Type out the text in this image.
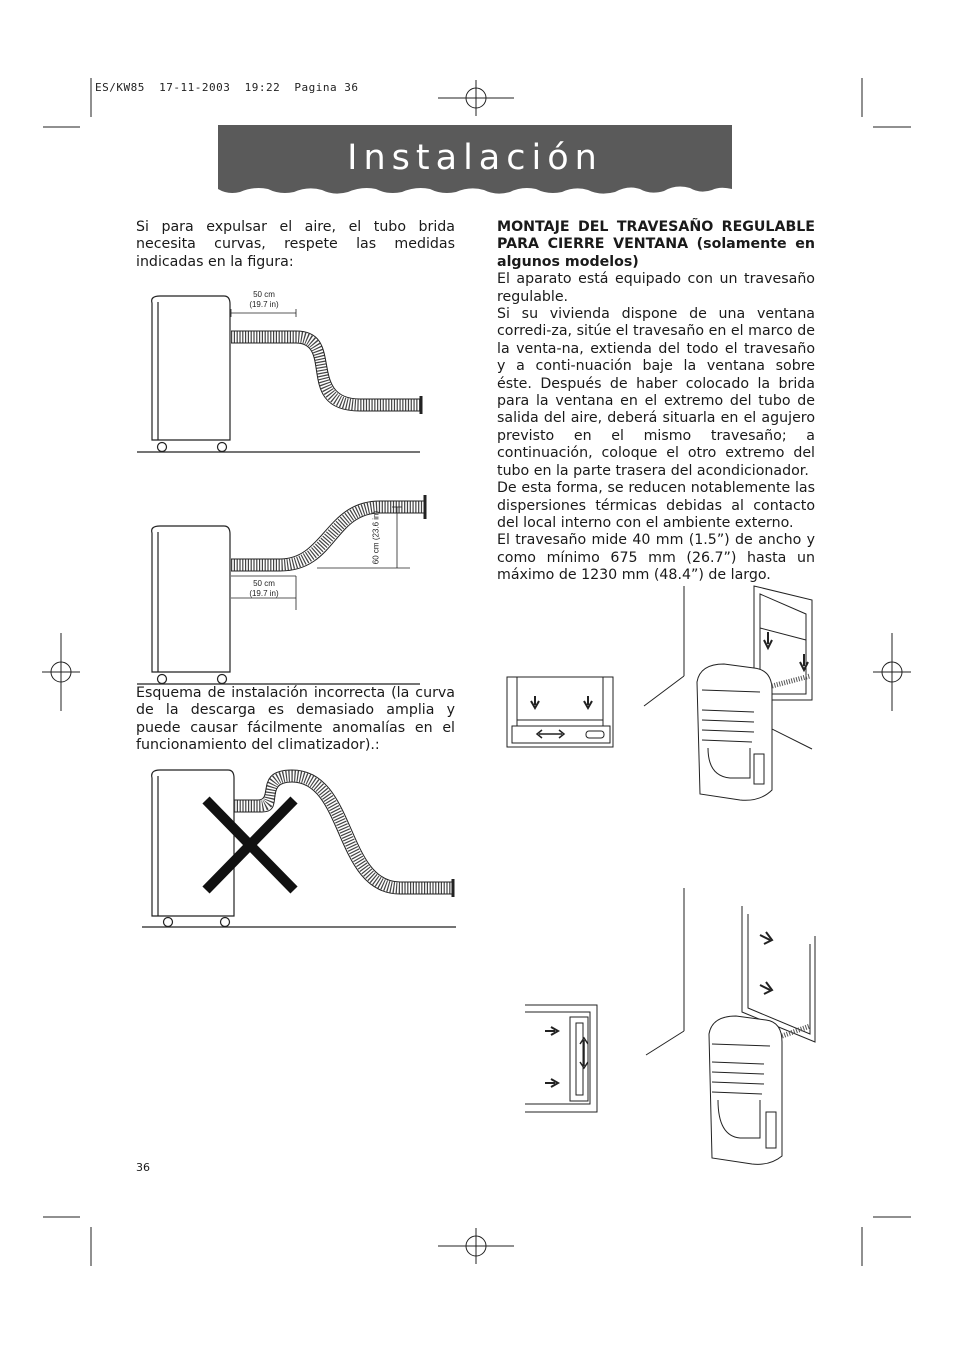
ES/KW85  17-11-2003  19:22  Pagina 36
Instalación
Si para expulsar el aire, el tubo brida necesita curvas, respete las medidas indicadas en la figura:
50 cm
(19.7 in)
50 cm
(19.7 in)
60 cm (23.6 in)
Esquema de instalación incorrecta (la curva de la descarga es demasiado amplia y puede causar fácilmente anomalías en el funcionamiento del climatizador).:

MONTAJE DEL TRAVESAÑO REGULABLE PARA CIERRE VENTANA (solamente en algunos modelos)

El aparato está equipado con un travesaño regulable.

Si su vivienda dispone de una ventana corredi-za, sitúe el travesaño en el marco de la venta-na, extienda del todo el travesaño y a conti-nuación baje la ventana sobre éste. Después de haber colocado la brida para la ventana en el extremo del tubo de salida del aire, deberá situarla en el agujero previsto en el mismo travesaño; a continuación, coloque el otro extremo del tubo en la parte trasera del acondicionador.

De esta forma, se reducen notablemente las dispersiones térmicas debidas al contacto del local interno con el ambiente externo.

El travesaño mide 40 mm (1.5”) de ancho y como mínimo 675 mm (26.7”) hasta un máximo de 1230 mm (48.4”) de largo.

36
